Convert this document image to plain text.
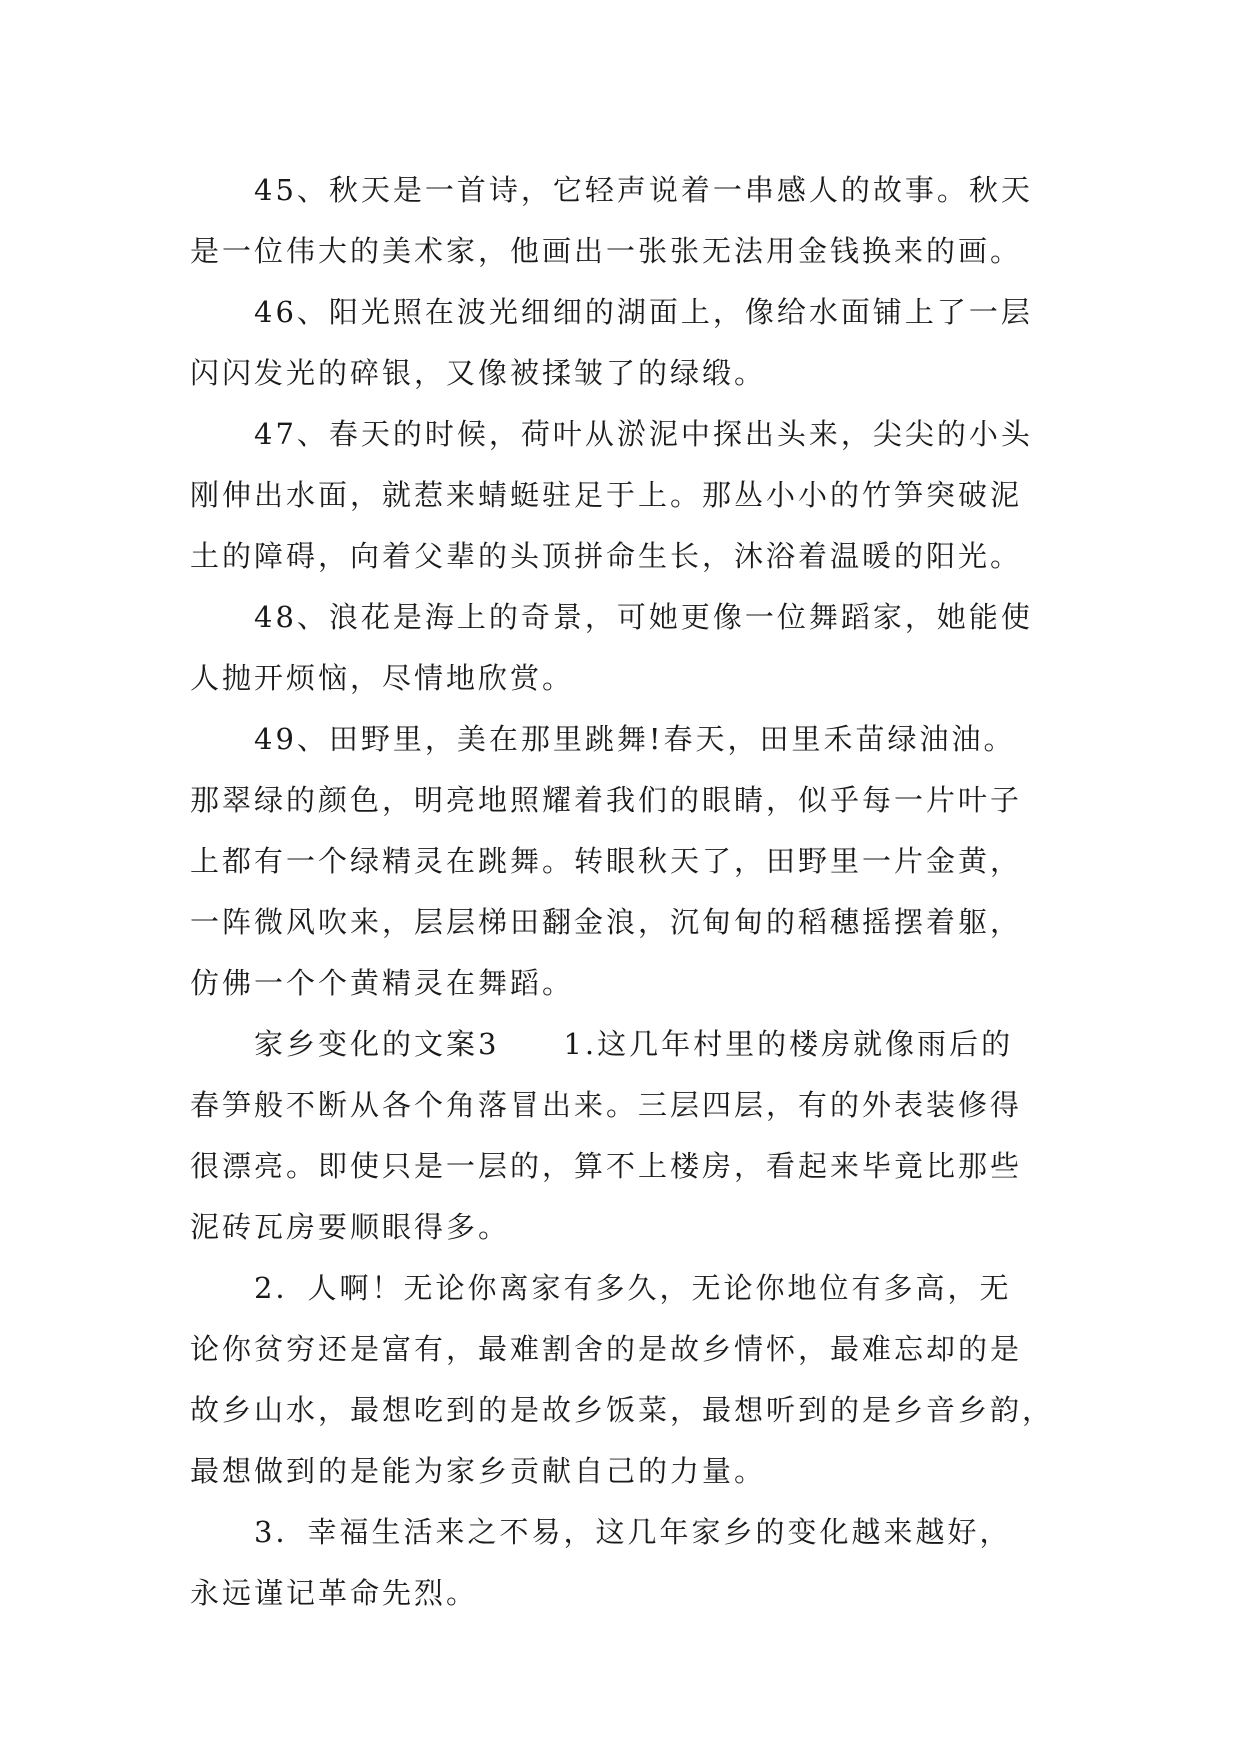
45、秋天是一首诗，它轻声说着一串感人的故事。秋天
是一位伟大的美术家，他画出一张张无法用金钱换来的画。

46、阳光照在波光细细的湖面上，像给水面铺上了一层
闪闪发光的碎银，又像被揉皱了的绿缎。

47、春天的时候，荷叶从淤泥中探出头来，尖尖的小头
刚伸出水面，就惹来蜻蜓驻足于上。那丛小小的竹笋突破泥
土的障碍，向着父辈的头顶拼命生长，沐浴着温暖的阳光。

48、浪花是海上的奇景，可她更像一位舞蹈家，她能使
人抛开烦恼，尽情地欣赏。

49、田野里，美在那里跳舞!春天，田里禾苗绿油油。
那翠绿的颜色，明亮地照耀着我们的眼睛，似乎每一片叶子
上都有一个绿精灵在跳舞。转眼秋天了，田野里一片金黄，
一阵微风吹来，层层梯田翻金浪，沉甸甸的稻穗摇摆着躯，
仿佛一个个黄精灵在舞蹈。

家乡变化的文案3　　1.这几年村里的楼房就像雨后的
春笋般不断从各个角落冒出来。三层四层，有的外表装修得
很漂亮。即使只是一层的，算不上楼房，看起来毕竟比那些
泥砖瓦房要顺眼得多。

2．人啊！无论你离家有多久，无论你地位有多高，无
论你贫穷还是富有，最难割舍的是故乡情怀，最难忘却的是
故乡山水，最想吃到的是故乡饭菜，最想听到的是乡音乡韵，
最想做到的是能为家乡贡献自己的力量。

3．幸福生活来之不易，这几年家乡的变化越来越好，
永远谨记革命先烈。
